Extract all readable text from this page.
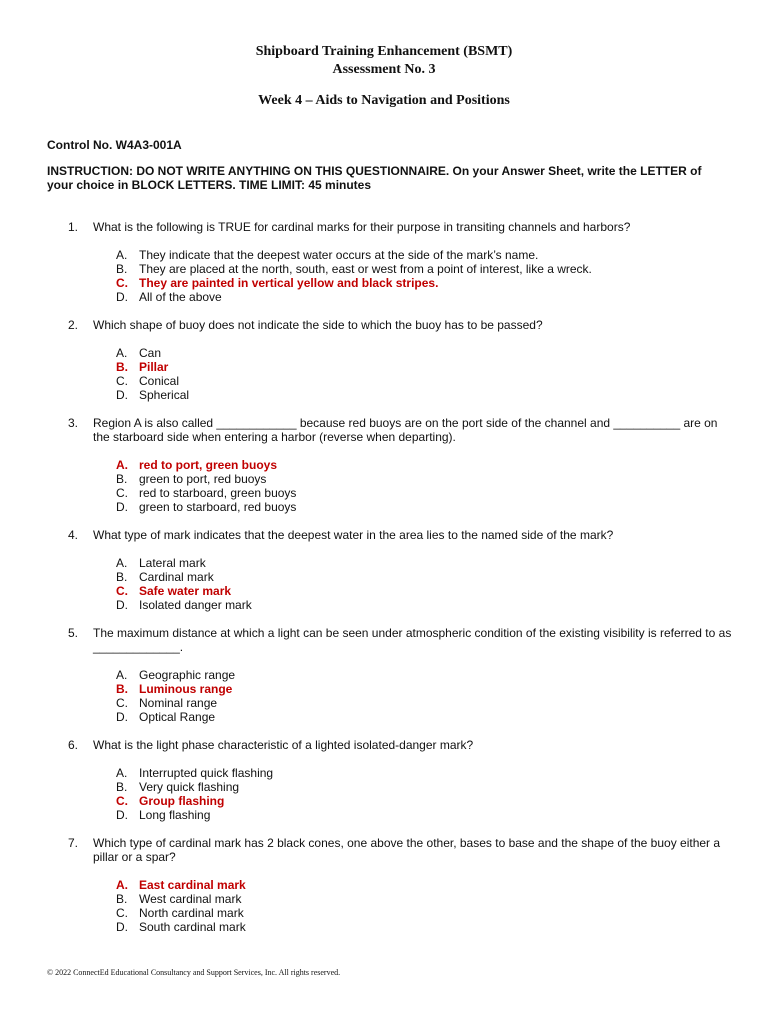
Shipboard Training Enhancement (BSMT)
Assessment No. 3
Week 4 – Aids to Navigation and Positions
Control No. W4A3-001A
INSTRUCTION: DO NOT WRITE ANYTHING ON THIS QUESTIONNAIRE. On your Answer Sheet, write the LETTER of your choice in BLOCK LETTERS. TIME LIMIT: 45 minutes
1. What is the following is TRUE for cardinal marks for their purpose in transiting channels and harbors?
A. They indicate that the deepest water occurs at the side of the mark’s name.
B. They are placed at the north, south, east or west from a point of interest, like a wreck.
C. They are painted in vertical yellow and black stripes.
D. All of the above
2. Which shape of buoy does not indicate the side to which the buoy has to be passed?
A. Can
B. Pillar
C. Conical
D. Spherical
3. Region A is also called ____________ because red buoys are on the port side of the channel and __________ are on the starboard side when entering a harbor (reverse when departing).
A. red to port, green buoys
B. green to port, red buoys
C. red to starboard, green buoys
D. green to starboard, red buoys
4. What type of mark indicates that the deepest water in the area lies to the named side of the mark?
A. Lateral mark
B. Cardinal mark
C. Safe water mark
D. Isolated danger mark
5. The maximum distance at which a light can be seen under atmospheric condition of the existing visibility is referred to as _____________.
A. Geographic range
B. Luminous range
C. Nominal range
D. Optical Range
6. What is the light phase characteristic of a lighted isolated-danger mark?
A. Interrupted quick flashing
B. Very quick flashing
C. Group flashing
D. Long flashing
7. Which type of cardinal mark has 2 black cones, one above the other, bases to base and the shape of the buoy either a pillar or a spar?
A. East cardinal mark
B. West cardinal mark
C. North cardinal mark
D. South cardinal mark
© 2022 ConnectEd Educational Consultancy and Support Services, Inc. All rights reserved.
